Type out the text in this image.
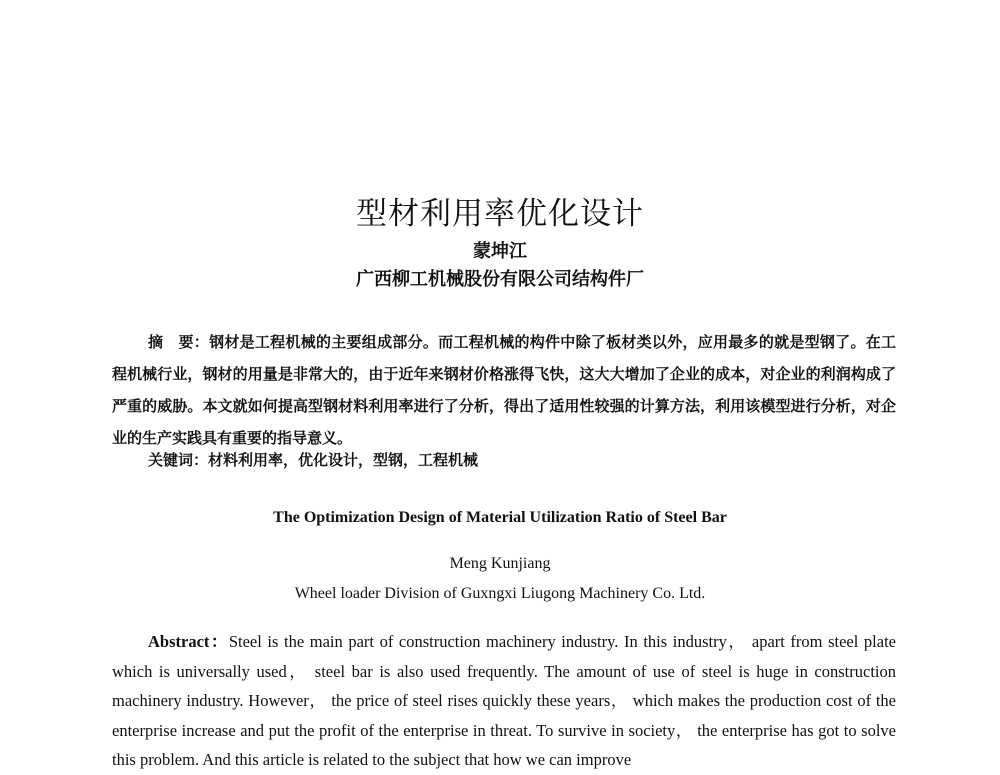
型材利用率优化设计
蒙坤江
广西柳工机械股份有限公司结构件厂
摘　要：钢材是工程机械的主要组成部分。而工程机械的构件中除了板材类以外，应用最多的就是型钢了。在工程机械行业，钢材的用量是非常大的，由于近年来钢材价格涨得飞快，这大大增加了企业的成本，对企业的利润构成了严重的威胁。本文就如何提高型钢材料利用率进行了分析，得出了适用性较强的计算方法，利用该模型进行分析，对企业的生产实践具有重要的指导意义。
关键词：材料利用率，优化设计，型钢，工程机械
The Optimization Design of Material Utilization Ratio of Steel Bar
Meng Kunjiang
Wheel loader Division of Guxngxi Liugong Machinery Co. Ltd.
Abstract：Steel is the main part of construction machinery industry. In this industry， apart from steel plate which is universally used， steel bar is also used frequently. The amount of use of steel is huge in construction machinery industry. However， the price of steel rises quickly these years， which makes the production cost of the enterprise increase and put the profit of the enterprise in threat. To survive in society， the enterprise has got to solve this problem. And this article is related to the subject that how we can improve
